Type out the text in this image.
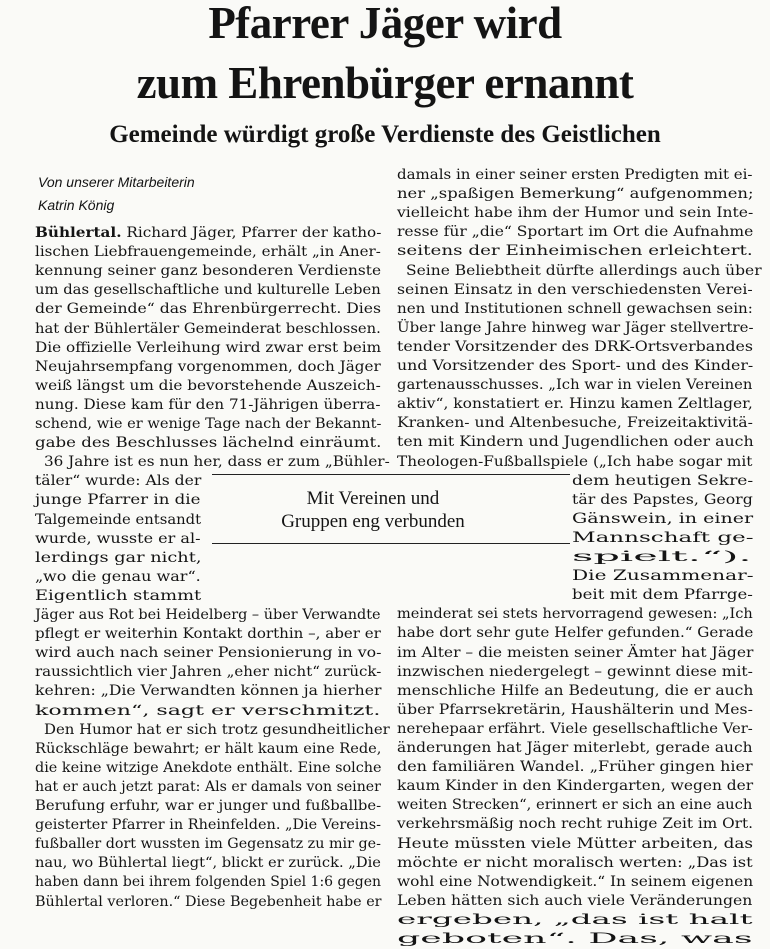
Pfarrer Jäger wird
zum Ehrenbürger ernannt
Gemeinde würdigt große Verdienste des Geistlichen
Von unserer Mitarbeiterin
Katrin König
Mit Vereinen und
Gruppen eng verbunden
Bühlertal. Richard Jäger, Pfarrer der katho-
lischen Liebfrauengemeinde, erhält „in Aner-
kennung seiner ganz besonderen Verdienste
um das gesellschaftliche und kulturelle Leben
der Gemeinde“ das Ehrenbürgerrecht. Dies
hat der Bühlertäler Gemeinderat beschlossen.
Die offizielle Verleihung wird zwar erst beim
Neujahrsempfang vorgenommen, doch Jäger
weiß längst um die bevorstehende Auszeich-
nung. Diese kam für den 71-Jährigen überra-
schend, wie er wenige Tage nach der Bekannt-
gabe des Beschlusses lächelnd einräumt.
36 Jahre ist es nun her, dass er zum „Bühler-
täler“ wurde: Als der
junge Pfarrer in die
Talgemeinde entsandt
wurde, wusste er al-
lerdings gar nicht,
„wo die genau war“.
Eigentlich stammt
Jäger aus Rot bei Heidelberg – über Verwandte
pflegt er weiterhin Kontakt dorthin –, aber er
wird auch nach seiner Pensionierung in vo-
raussichtlich vier Jahren „eher nicht“ zurück-
kehren: „Die Verwandten können ja hierher
kommen“, sagt er verschmitzt.
Den Humor hat er sich trotz gesundheitlicher
Rückschläge bewahrt; er hält kaum eine Rede,
die keine witzige Anekdote enthält. Eine solche
hat er auch jetzt parat: Als er damals von seiner
Berufung erfuhr, war er junger und fußballbe-
geisterter Pfarrer in Rheinfelden. „Die Vereins-
fußballer dort wussten im Gegensatz zu mir ge-
nau, wo Bühlertal liegt“, blickt er zurück. „Die
haben dann bei ihrem folgenden Spiel 1:6 gegen
Bühlertal verloren.“ Diese Begebenheit habe er
damals in einer seiner ersten Predigten mit ei-
ner „spaßigen Bemerkung“ aufgenommen;
vielleicht habe ihm der Humor und sein Inte-
resse für „die“ Sportart im Ort die Aufnahme
seitens der Einheimischen erleichtert.
Seine Beliebtheit dürfte allerdings auch über
seinen Einsatz in den verschiedensten Verei-
nen und Institutionen schnell gewachsen sein:
Über lange Jahre hinweg war Jäger stellvertre-
tender Vorsitzender des DRK-Ortsverbandes
und Vorsitzender des Sport- und des Kinder-
gartenausschusses. „Ich war in vielen Vereinen
aktiv“, konstatiert er. Hinzu kamen Zeltlager,
Kranken- und Altenbesuche, Freizeitaktivitä-
ten mit Kindern und Jugendlichen oder auch
Theologen-Fußballspiele („Ich habe sogar mit
dem heutigen Sekre-
tär des Papstes, Georg
Gänswein, in einer
Mannschaft ge-
spielt.“).
Die Zusammenar-
beit mit dem Pfarrge-
meinderat sei stets hervorragend gewesen: „Ich
habe dort sehr gute Helfer gefunden.“ Gerade
im Alter – die meisten seiner Ämter hat Jäger
inzwischen niedergelegt – gewinnt diese mit-
menschliche Hilfe an Bedeutung, die er auch
über Pfarrsekretärin, Haushälterin und Mes-
nerehepaar erfährt. Viele gesellschaftliche Ver-
änderungen hat Jäger miterlebt, gerade auch
den familiären Wandel. „Früher gingen hier
kaum Kinder in den Kindergarten, wegen der
weiten Strecken“, erinnert er sich an eine auch
verkehrsmäßig noch recht ruhige Zeit im Ort.
Heute müssten viele Mütter arbeiten, das
möchte er nicht moralisch werten: „Das ist
wohl eine Notwendigkeit.“ In seinem eigenen
Leben hätten sich auch viele Veränderungen
ergeben, „das ist halt
geboten“. Das, was
